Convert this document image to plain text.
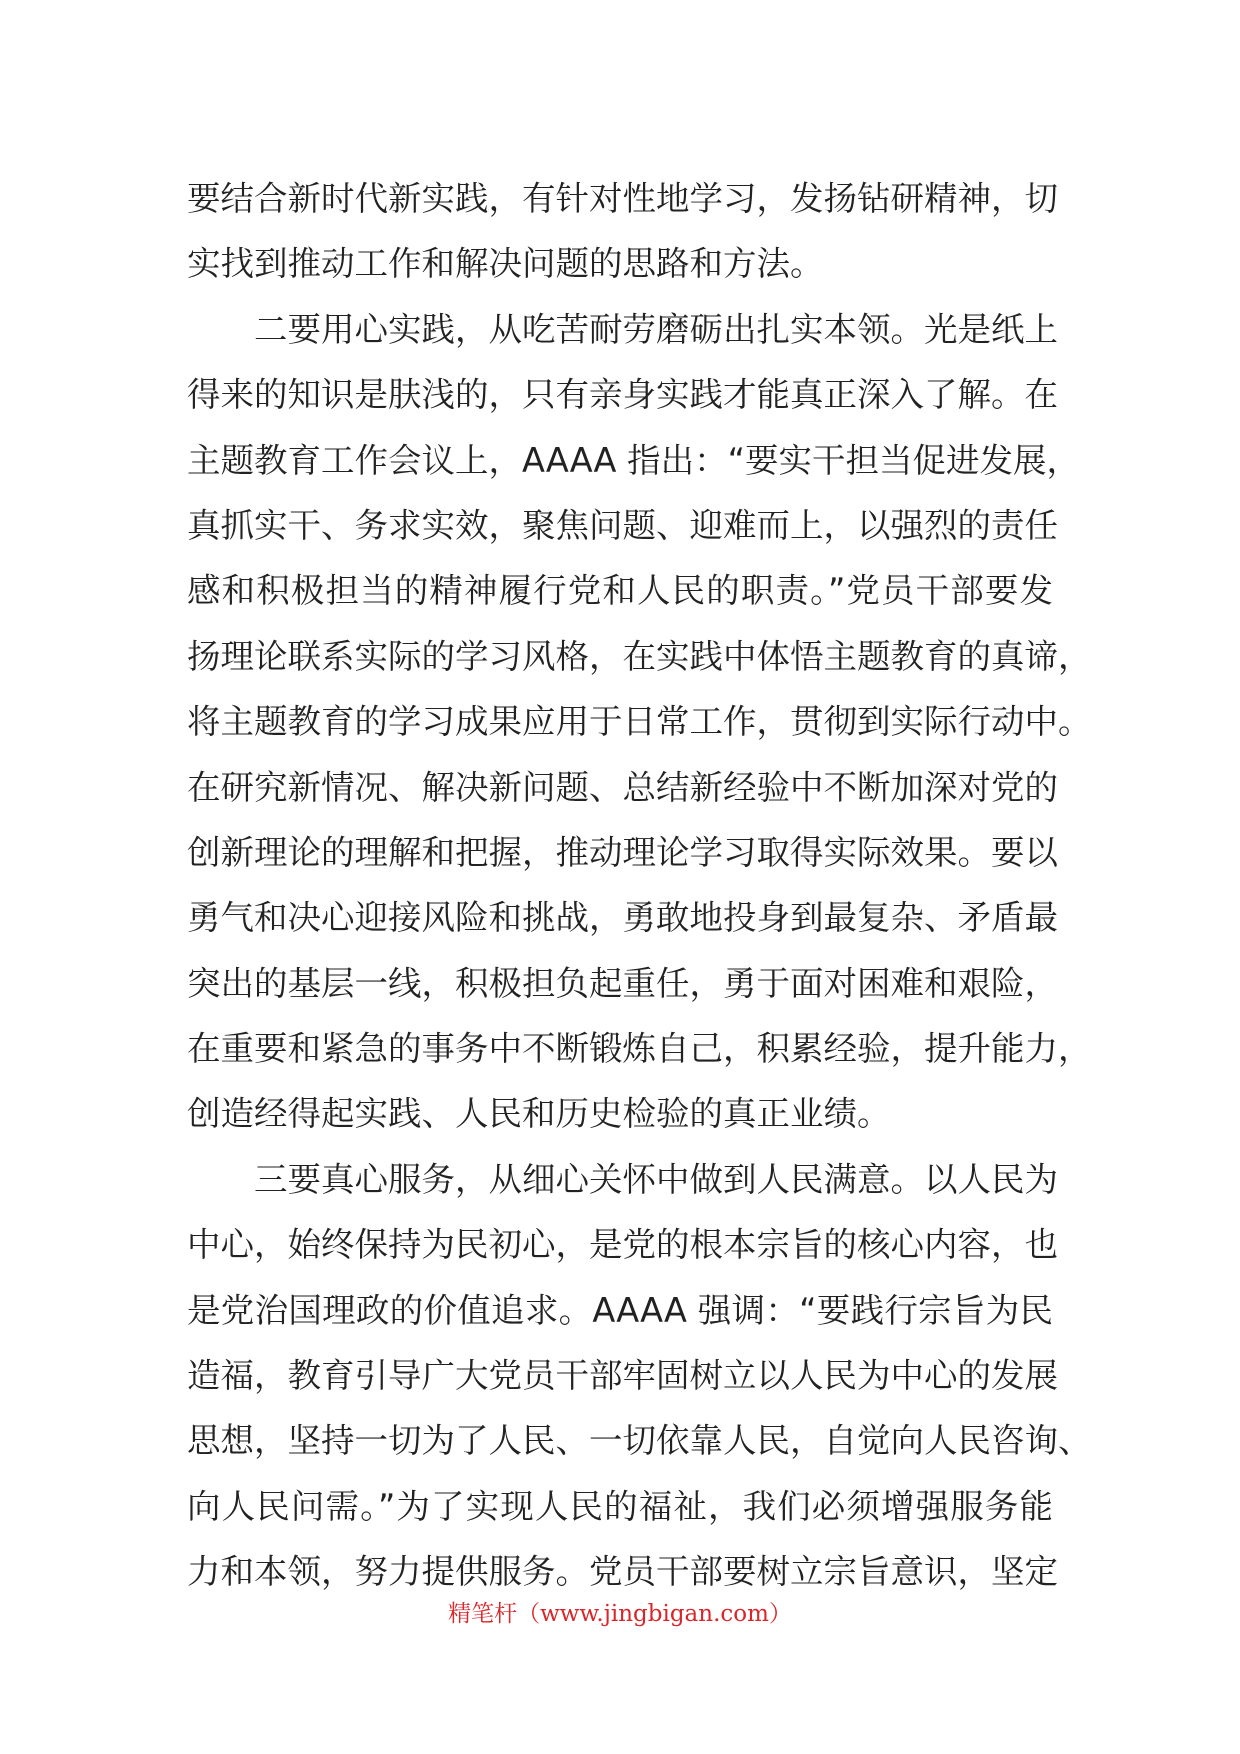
要结合新时代新实践，有针对性地学习，发扬钻研精神，切
实找到推动工作和解决问题的思路和方法。
二要用心实践，从吃苦耐劳磨砺出扎实本领。光是纸上
得来的知识是肤浅的，只有亲身实践才能真正深入了解。在
主题教育工作会议上，AAAA 指出：“要实干担当促进发展，
真抓实干、务求实效，聚焦问题、迎难而上，以强烈的责任
感和积极担当的精神履行党和人民的职责。”党员干部要发
扬理论联系实际的学习风格，在实践中体悟主题教育的真谛，
将主题教育的学习成果应用于日常工作，贯彻到实际行动中。
在研究新情况、解决新问题、总结新经验中不断加深对党的
创新理论的理解和把握，推动理论学习取得实际效果。要以
勇气和决心迎接风险和挑战，勇敢地投身到最复杂、矛盾最
突出的基层一线，积极担负起重任，勇于面对困难和艰险，
在重要和紧急的事务中不断锻炼自己，积累经验，提升能力，
创造经得起实践、人民和历史检验的真正业绩。
三要真心服务，从细心关怀中做到人民满意。以人民为
中心，始终保持为民初心，是党的根本宗旨的核心内容，也
是党治国理政的价值追求。AAAA 强调：“要践行宗旨为民
造福，教育引导广大党员干部牢固树立以人民为中心的发展
思想，坚持一切为了人民、一切依靠人民，自觉向人民咨询、
向人民问需。”为了实现人民的福祉，我们必须增强服务能
力和本领，努力提供服务。党员干部要树立宗旨意识，坚定
精笔杆（www.jingbigan.com）
